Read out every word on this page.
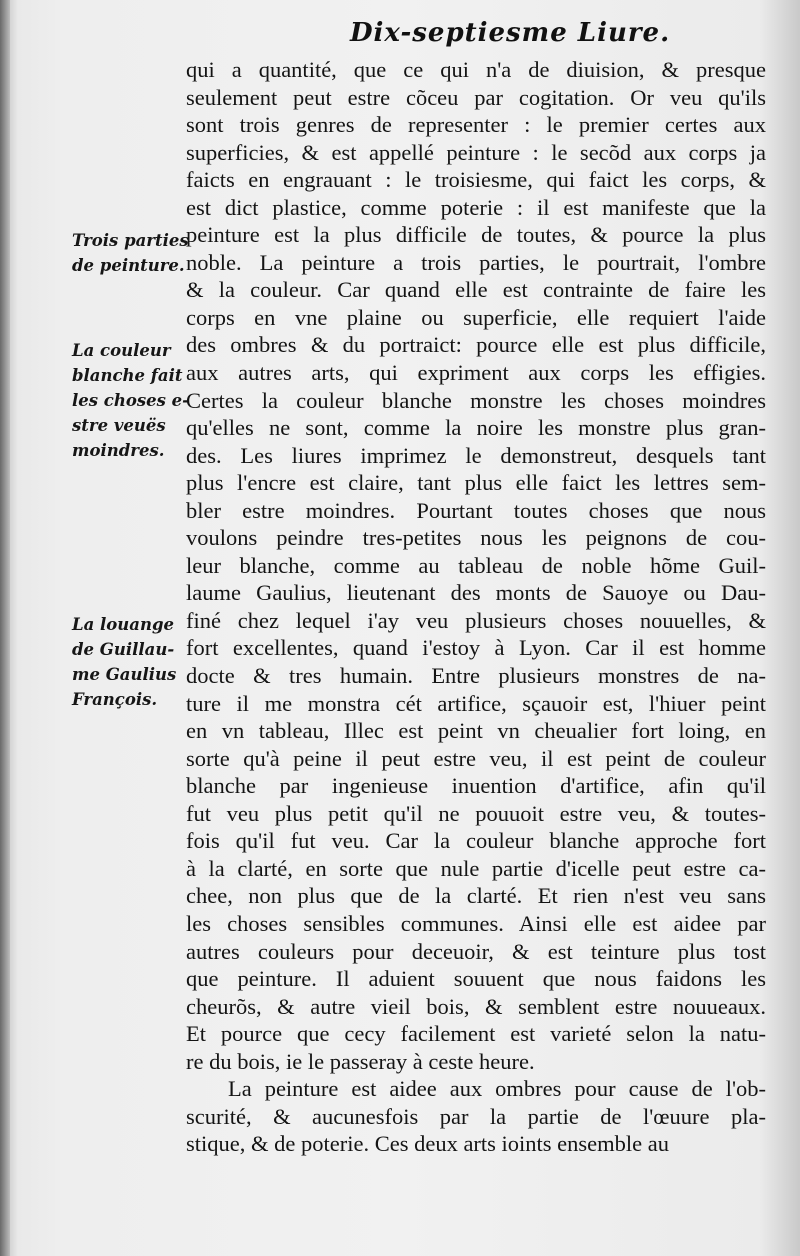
Dix-septiesme Liure.
Trois parties
de peinture.
La couleur
blanche fait
les choses e-
stre veuës
moindres.
La louange
de Guillau-
me Gaulius
François.
qui a quantité, que ce qui n'a de diuision, & presque
seulement peut estre cõceu par cogitation. Or veu qu'ils
sont trois genres de representer : le premier certes aux
superficies, & est appellé peinture : le secõd aux corps ja
faicts en engrauant : le troisiesme, qui faict les corps, &
est dict plastice, comme poterie : il est manifeste que la
peinture est la plus difficile de toutes, & pource la plus
noble. La peinture a trois parties, le pourtrait, l'ombre
& la couleur. Car quand elle est contrainte de faire les
corps en vne plaine ou superficie, elle requiert l'aide
des ombres & du portraict: pource elle est plus difficile,
aux autres arts, qui expriment aux corps les effigies.
Certes la couleur blanche monstre les choses moindres
qu'elles ne sont, comme la noire les monstre plus gran-
des. Les liures imprimez le demonstreut, desquels tant
plus l'encre est claire, tant plus elle faict les lettres sem-
bler estre moindres. Pourtant toutes choses que nous
voulons peindre tres-petites nous les peignons de cou-
leur blanche, comme au tableau de noble hõme Guil-
laume Gaulius, lieutenant des monts de Sauoye ou Dau-
finé chez lequel i'ay veu plusieurs choses nouuelles, &
fort excellentes, quand i'estoy à Lyon. Car il est homme
docte & tres humain. Entre plusieurs monstres de na-
ture il me monstra cét artifice, sçauoir est, l'hiuer peint
en vn tableau, Illec est peint vn cheualier fort loing, en
sorte qu'à peine il peut estre veu, il est peint de couleur
blanche par ingenieuse inuention d'artifice, afin qu'il
fut veu plus petit qu'il ne pouuoit estre veu, & toutes-
fois qu'il fut veu. Car la couleur blanche approche fort
à la clarté, en sorte que nule partie d'icelle peut estre ca-
chee, non plus que de la clarté. Et rien n'est veu sans
les choses sensibles communes. Ainsi elle est aidee par
autres couleurs pour deceuoir, & est teinture plus tost
que peinture. Il aduient souuent que nous faidons les
cheurõs, & autre vieil bois, & semblent estre nouueaux.
Et pource que cecy facilement est varieté selon la natu-
re du bois, ie le passeray à ceste heure.
La peinture est aidee aux ombres pour cause de l'ob-
scurité, & aucunesfois par la partie de l'œuure pla-
stique, & de poterie. Ces deux arts ioints ensemble au
